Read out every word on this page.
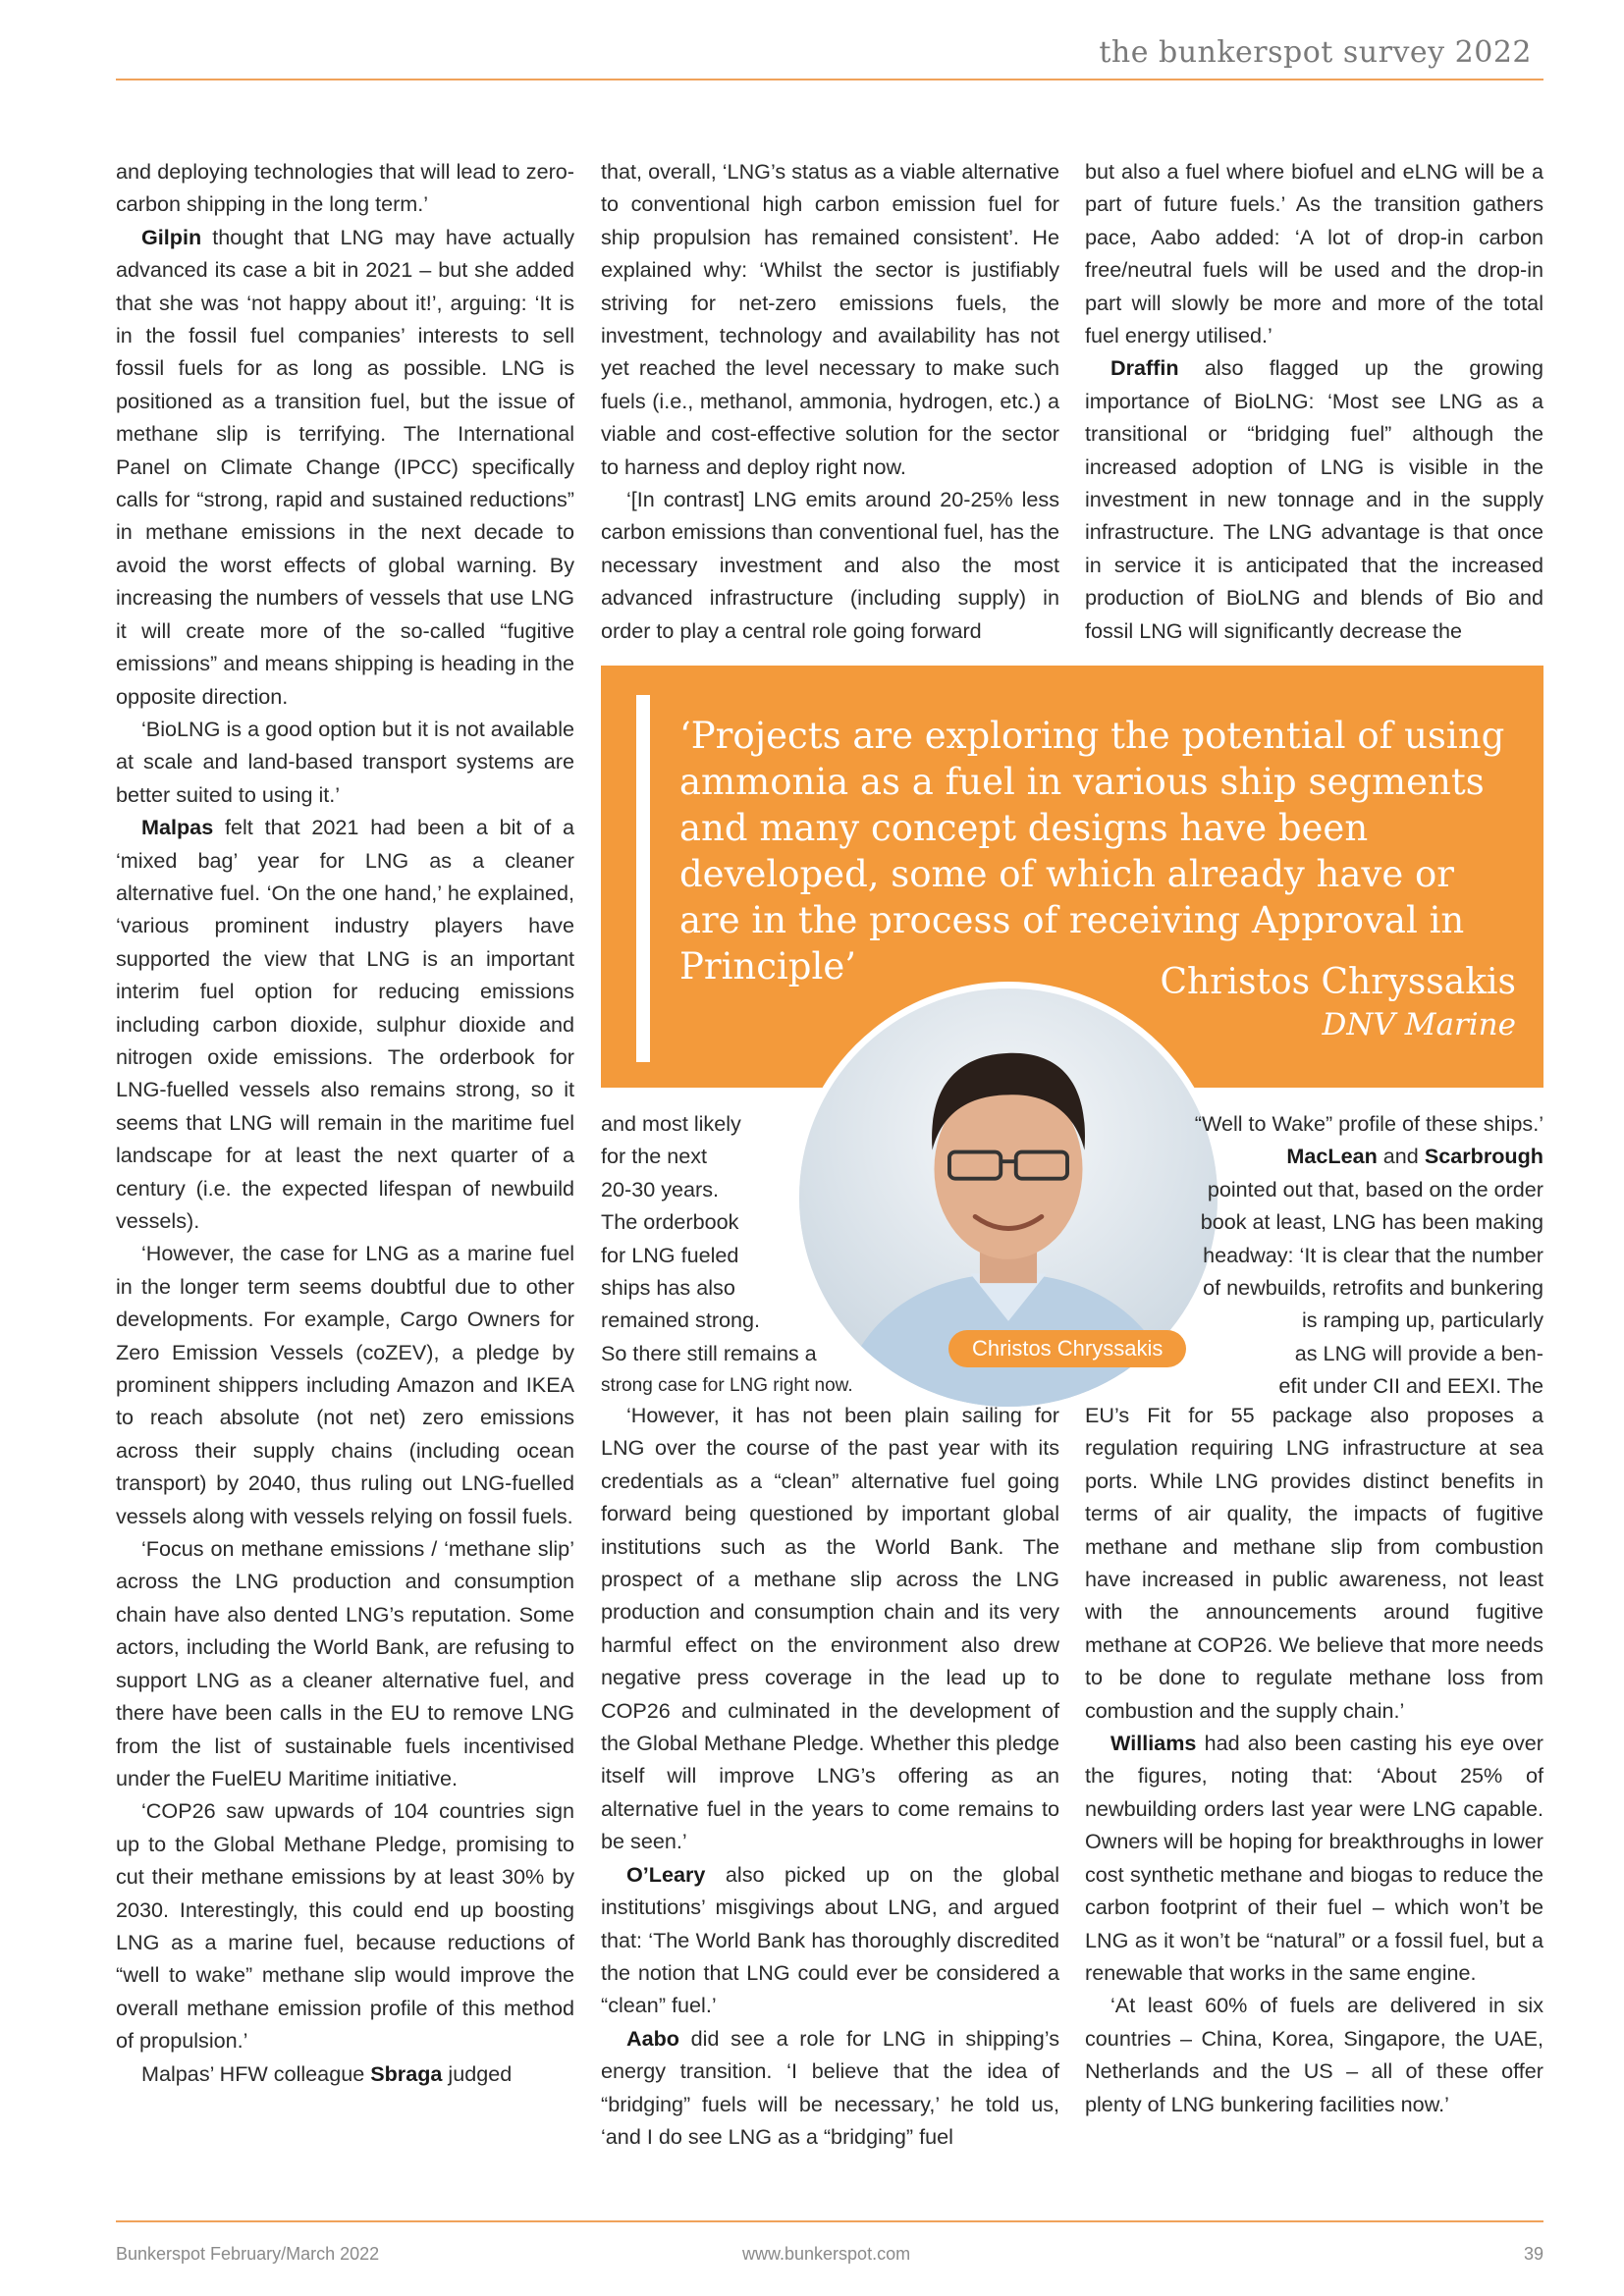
the bunkerspot survey 2022

and deploying technologies that will lead to zero-carbon shipping in the long term.’

Gilpin thought that LNG may have actually advanced its case a bit in 2021 – but she added that she was ‘not happy about it!’, arguing: ‘It is in the fossil fuel companies’ interests to sell fossil fuels for as long as possible. LNG is positioned as a transition fuel, but the issue of methane slip is terrifying. The International Panel on Climate Change (IPCC) specifically calls for “strong, rapid and sustained reductions” in methane emissions in the next decade to avoid the worst effects of global warning. By increasing the numbers of vessels that use LNG it will create more of the so-called “fugitive emissions” and means shipping is heading in the opposite direction.

‘BioLNG is a good option but it is not available at scale and land-based transport systems are better suited to using it.’

Malpas felt that 2021 had been a bit of a ‘mixed bag’ year for LNG as a cleaner alternative fuel. ‘On the one hand,’ he explained, ‘various prominent industry players have supported the view that LNG is an important interim fuel option for reducing emissions including carbon dioxide, sulphur dioxide and nitrogen oxide emissions. The orderbook for LNG-fuelled vessels also remains strong, so it seems that LNG will remain in the maritime fuel landscape for at least the next quarter of a century (i.e. the expected lifespan of newbuild vessels).

‘However, the case for LNG as a marine fuel in the longer term seems doubtful due to other developments. For example, Cargo Owners for Zero Emission Vessels (coZEV), a pledge by prominent shippers including Amazon and IKEA to reach absolute (not net) zero emissions across their supply chains (including ocean transport) by 2040, thus ruling out LNG-fuelled vessels along with vessels relying on fossil fuels.

‘Focus on methane emissions / ‘methane slip’ across the LNG production and consumption chain have also dented LNG’s reputation. Some actors, including the World Bank, are refusing to support LNG as a cleaner alternative fuel, and there have been calls in the EU to remove LNG from the list of sustainable fuels incentivised under the FuelEU Maritime initiative.

‘COP26 saw upwards of 104 countries sign up to the Global Methane Pledge, promising to cut their methane emissions by at least 30% by 2030. Interestingly, this could end up boosting LNG as a marine fuel, because reductions of “well to wake” methane slip would improve the overall methane emission profile of this method of propulsion.’

Malpas’ HFW colleague Sbraga judged

that, overall, ‘LNG’s status as a viable alternative to conventional high carbon emission fuel for ship propulsion has remained consistent’. He explained why: ‘Whilst the sector is justifiably striving for net-zero emissions fuels, the investment, technology and availability has not yet reached the level necessary to make such fuels (i.e., methanol, ammonia, hydrogen, etc.) a viable and cost-effective solution for the sector to harness and deploy right now.

‘[In contrast] LNG emits around 20-25% less carbon emissions than conventional fuel, has the necessary investment and also the most advanced infrastructure (including supply) in order to play a central role going forward

but also a fuel where biofuel and eLNG will be a part of future fuels.’ As the transition gathers pace, Aabo added: ‘A lot of drop-in carbon free/neutral fuels will be used and the drop-in part will slowly be more and more of the total fuel energy utilised.’

Draffin also flagged up the growing importance of BioLNG: ‘Most see LNG as a transitional or “bridging fuel” although the increased adoption of LNG is visible in the investment in new tonnage and in the supply infrastructure. The LNG advantage is that once in service it is anticipated that the increased production of BioLNG and blends of Bio and fossil LNG will significantly decrease the

‘Projects are exploring the potential of using ammonia as a fuel in various ship segments and many concept designs have been developed, some of which already have or are in the process of receiving Approval in Principle’	Christos Chryssakis
DNV Marine
Christos Chryssakis

and most likely

for the next

20-30 years.

The orderbook

for LNG fueled

ships has also

remained strong.

So there still remains a

strong case for LNG right now.

“Well to Wake” profile of these ships.’

MacLean and Scarbrough

pointed out that, based on the order

book at least, LNG has been making

headway: ‘It is clear that the number

of newbuilds, retrofits and bunkering

is ramping up, particularly

as LNG will provide a ben-

efit under CII and EEXI. The

‘However, it has not been plain sailing for LNG over the course of the past year with its credentials as a “clean” alternative fuel going forward being questioned by important global institutions such as the World Bank. The prospect of a methane slip across the LNG production and consumption chain and its very harmful effect on the environment also drew negative press coverage in the lead up to COP26 and culminated in the development of the Global Methane Pledge. Whether this pledge itself will improve LNG’s offering as an alternative fuel in the years to come remains to be seen.’

O’Leary also picked up on the global institutions’ misgivings about LNG, and argued that: ‘The World Bank has thoroughly discredited the notion that LNG could ever be considered a “clean” fuel.’

Aabo did see a role for LNG in shipping’s energy transition. ‘I believe that the idea of “bridging” fuels will be necessary,’ he told us, ‘and I do see LNG as a “bridging” fuel

EU’s Fit for 55 package also proposes a regulation requiring LNG infrastructure at sea ports. While LNG provides distinct benefits in terms of air quality, the impacts of fugitive methane and methane slip from combustion have increased in public awareness, not least with the announcements around fugitive methane at COP26. We believe that more needs to be done to regulate methane loss from combustion and the supply chain.’

Williams had also been casting his eye over the figures, noting that: ‘About 25% of newbuilding orders last year were LNG capable. Owners will be hoping for breakthroughs in lower cost synthetic methane and biogas to reduce the carbon footprint of their fuel – which won’t be LNG as it won’t be “natural” or a fossil fuel, but a renewable that works in the same engine.

‘At least 60% of fuels are delivered in six countries – China, Korea, Singapore, the UAE, Netherlands and the US – all of these offer plenty of LNG bunkering facilities now.’

Bunkerspot February/March 2022	www.bunkerspot.com	39
